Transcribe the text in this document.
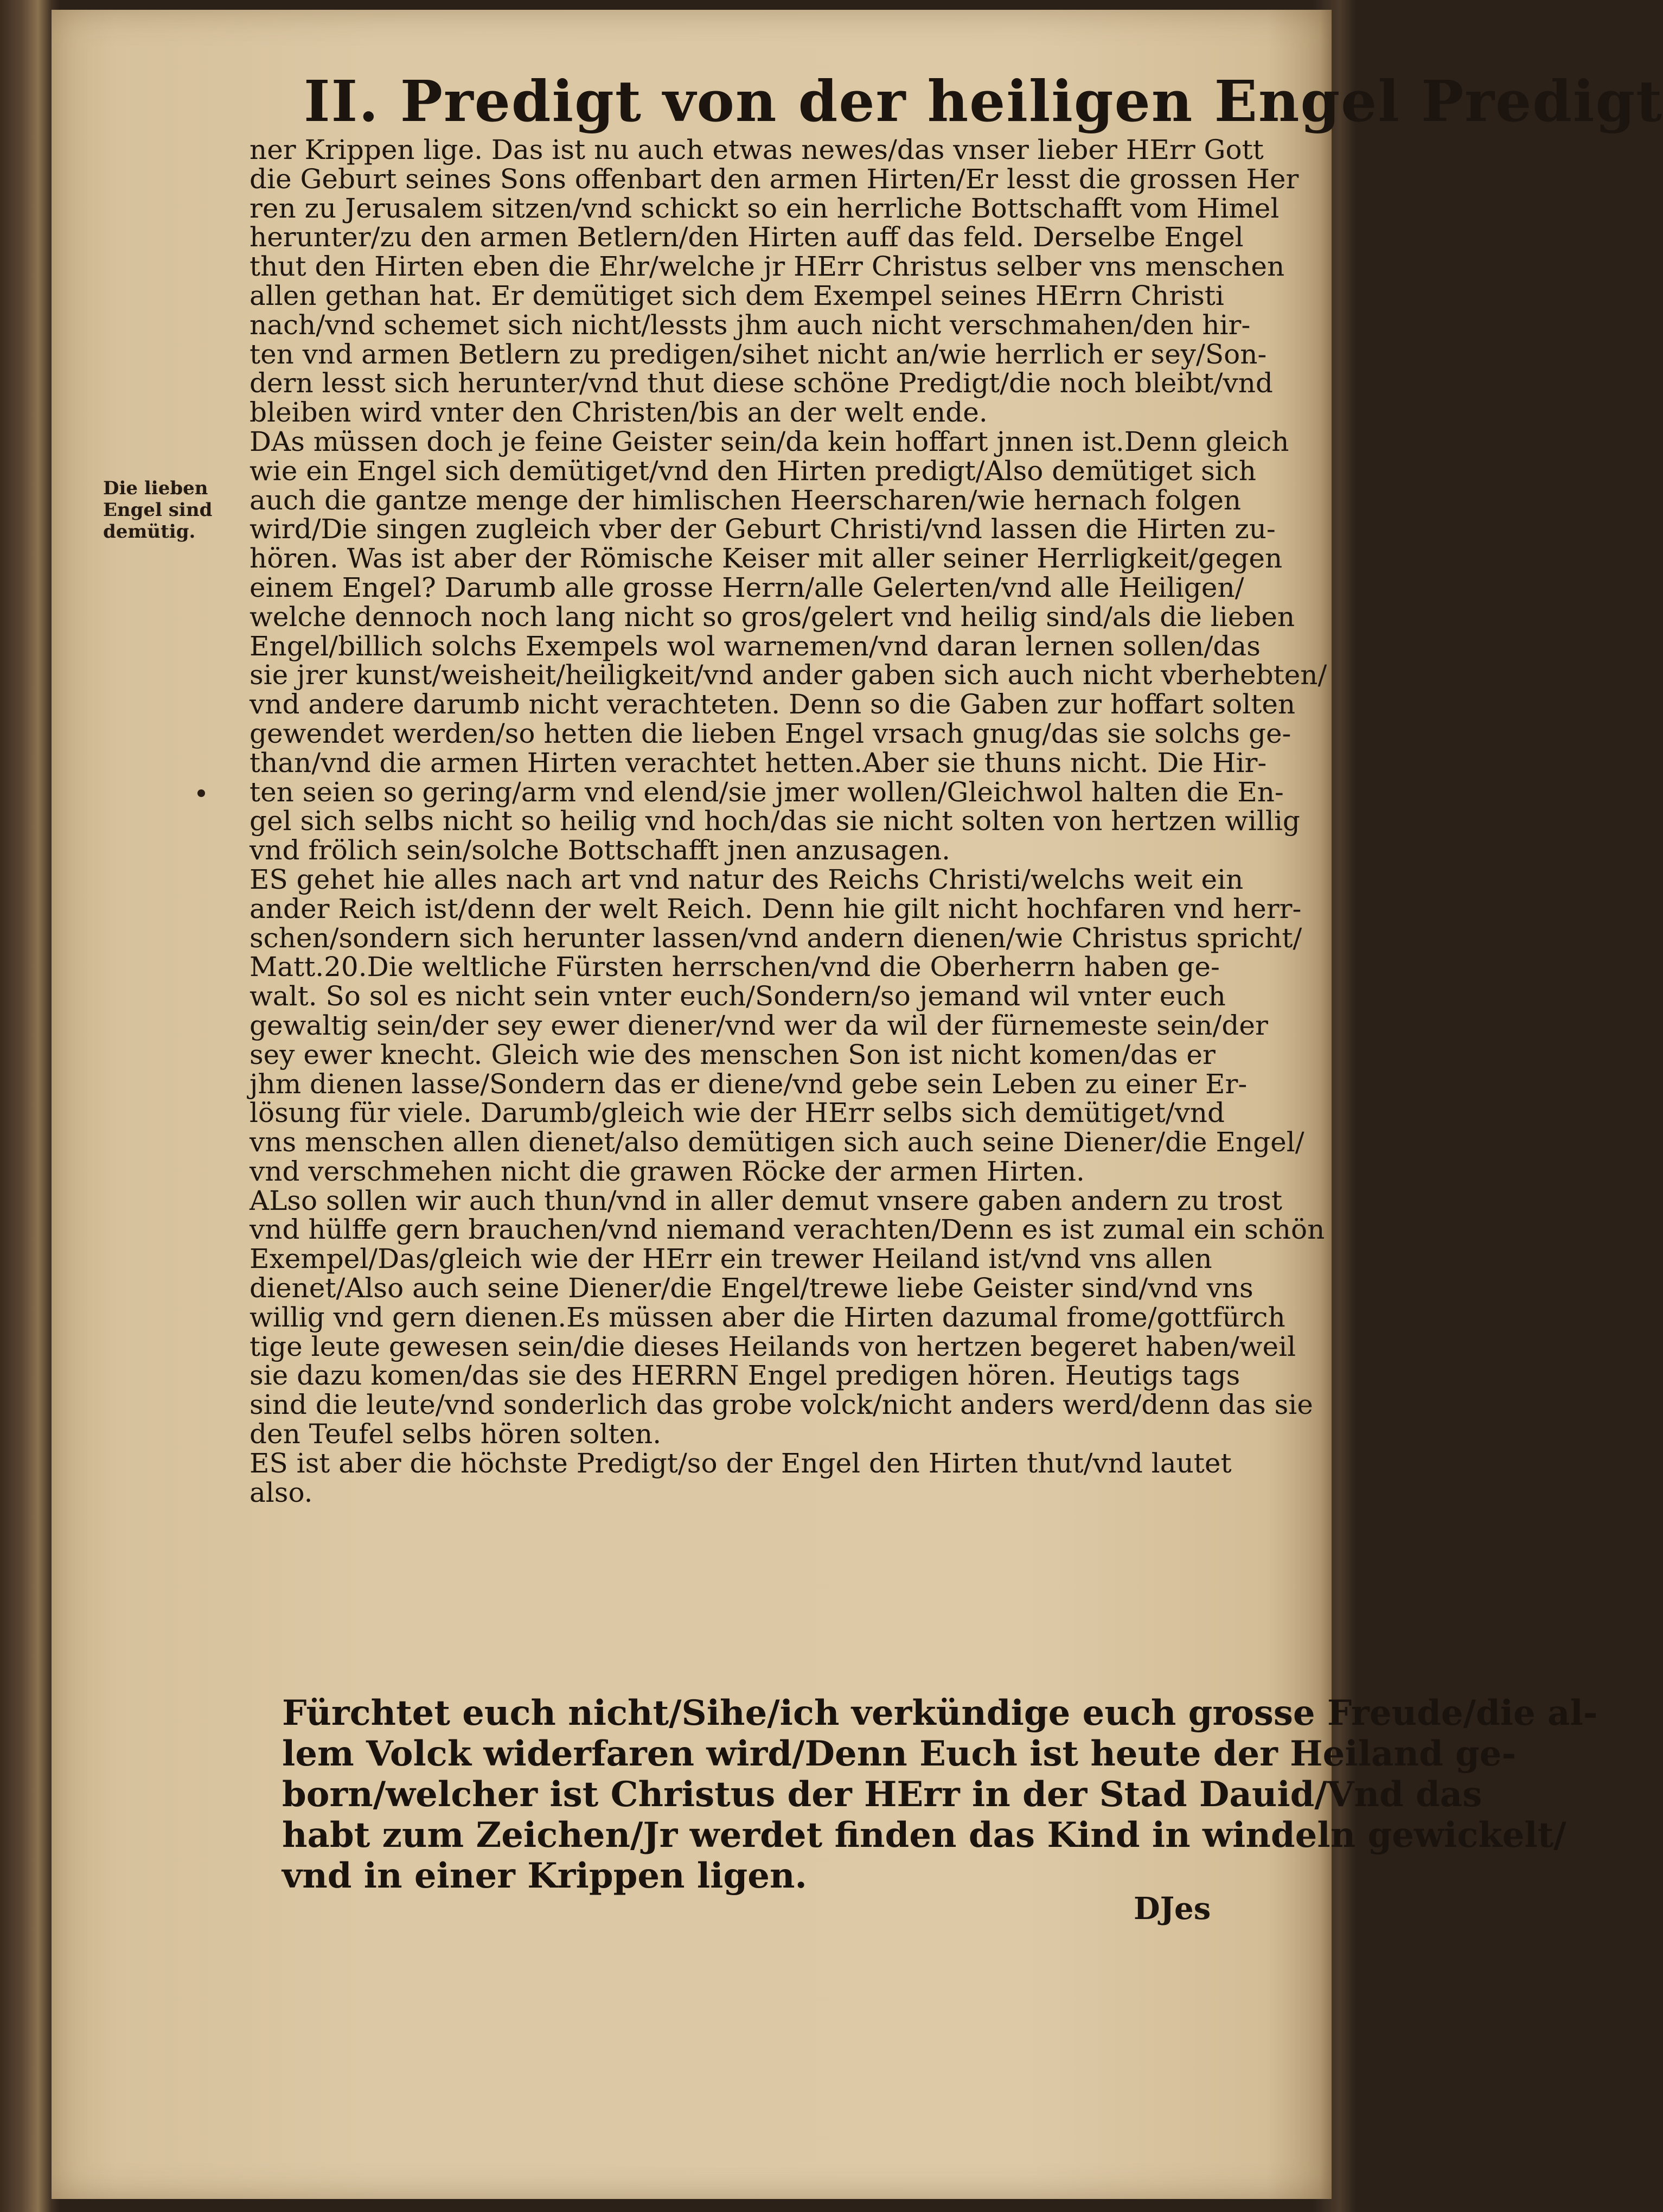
II. Predigt von der heiligen Engel Predigt
Die lieben
Engel sind
demütig.
ner Krippen lige. Das ist nu auch etwas newes/das vnser lieber HErr Gott
die Geburt seines Sons offenbart den armen Hirten/Er lesst die grossen Her
ren zu Jerusalem sitzen/vnd schickt so ein herrliche Bottschafft vom Himel
herunter/zu den armen Betlern/den Hirten auff das feld. Derselbe Engel
thut den Hirten eben die Ehr/welche jr HErr Christus selber vns menschen
allen gethan hat. Er demütiget sich dem Exempel seines HErrn Christi
nach/vnd schemet sich nicht/lessts jhm auch nicht verschmahen/den hir-
ten vnd armen Betlern zu predigen/sihet nicht an/wie herrlich er sey/Son-
dern lesst sich herunter/vnd thut diese schöne Predigt/die noch bleibt/vnd
bleiben wird vnter den Christen/bis an der welt ende.
DAs müssen doch je feine Geister sein/da kein hoffart jnnen ist.Denn gleich
wie ein Engel sich demütiget/vnd den Hirten predigt/Also demütiget sich
auch die gantze menge der himlischen Heerscharen/wie hernach folgen
wird/Die singen zugleich vber der Geburt Christi/vnd lassen die Hirten zu-
hören. Was ist aber der Römische Keiser mit aller seiner Herrligkeit/gegen
einem Engel? Darumb alle grosse Herrn/alle Gelerten/vnd alle Heiligen/
welche dennoch noch lang nicht so gros/gelert vnd heilig sind/als die lieben
Engel/billich solchs Exempels wol warnemen/vnd daran lernen sollen/das
sie jrer kunst/weisheit/heiligkeit/vnd ander gaben sich auch nicht vberhebten/
vnd andere darumb nicht verachteten. Denn so die Gaben zur hoffart solten
gewendet werden/so hetten die lieben Engel vrsach gnug/das sie solchs ge-
than/vnd die armen Hirten verachtet hetten.Aber sie thuns nicht. Die Hir-
ten seien so gering/arm vnd elend/sie jmer wollen/Gleichwol halten die En-
gel sich selbs nicht so heilig vnd hoch/das sie nicht solten von hertzen willig
vnd frölich sein/solche Bottschafft jnen anzusagen.
ES gehet hie alles nach art vnd natur des Reichs Christi/welchs weit ein
ander Reich ist/denn der welt Reich. Denn hie gilt nicht hochfaren vnd herr-
schen/sondern sich herunter lassen/vnd andern dienen/wie Christus spricht/
Matt.20.Die weltliche Fürsten herrschen/vnd die Oberherrn haben ge-
walt. So sol es nicht sein vnter euch/Sondern/so jemand wil vnter euch
gewaltig sein/der sey ewer diener/vnd wer da wil der fürnemeste sein/der
sey ewer knecht. Gleich wie des menschen Son ist nicht komen/das er
jhm dienen lasse/Sondern das er diene/vnd gebe sein Leben zu einer Er-
lösung für viele. Darumb/gleich wie der HErr selbs sich demütiget/vnd
vns menschen allen dienet/also demütigen sich auch seine Diener/die Engel/
vnd verschmehen nicht die grawen Röcke der armen Hirten.
ALso sollen wir auch thun/vnd in aller demut vnsere gaben andern zu trost
vnd hülffe gern brauchen/vnd niemand verachten/Denn es ist zumal ein schön
Exempel/Das/gleich wie der HErr ein trewer Heiland ist/vnd vns allen
dienet/Also auch seine Diener/die Engel/trewe liebe Geister sind/vnd vns
willig vnd gern dienen.Es müssen aber die Hirten dazumal frome/gottfürch
tige leute gewesen sein/die dieses Heilands von hertzen begeret haben/weil
sie dazu komen/das sie des HERRN Engel predigen hören. Heutigs tags
sind die leute/vnd sonderlich das grobe volck/nicht anders werd/denn das sie
den Teufel selbs hören solten.
ES ist aber die höchste Predigt/so der Engel den Hirten thut/vnd lautet
also.
Fürchtet euch nicht/Sihe/ich verkündige euch grosse Freude/die al-
lem Volck widerfaren wird/Denn Euch ist heute der Heiland ge-
born/welcher ist Christus der HErr in der Stad Dauid/Vnd das
habt zum Zeichen/Jr werdet finden das Kind in windeln gewickelt/
vnd in einer Krippen ligen.
DJes
